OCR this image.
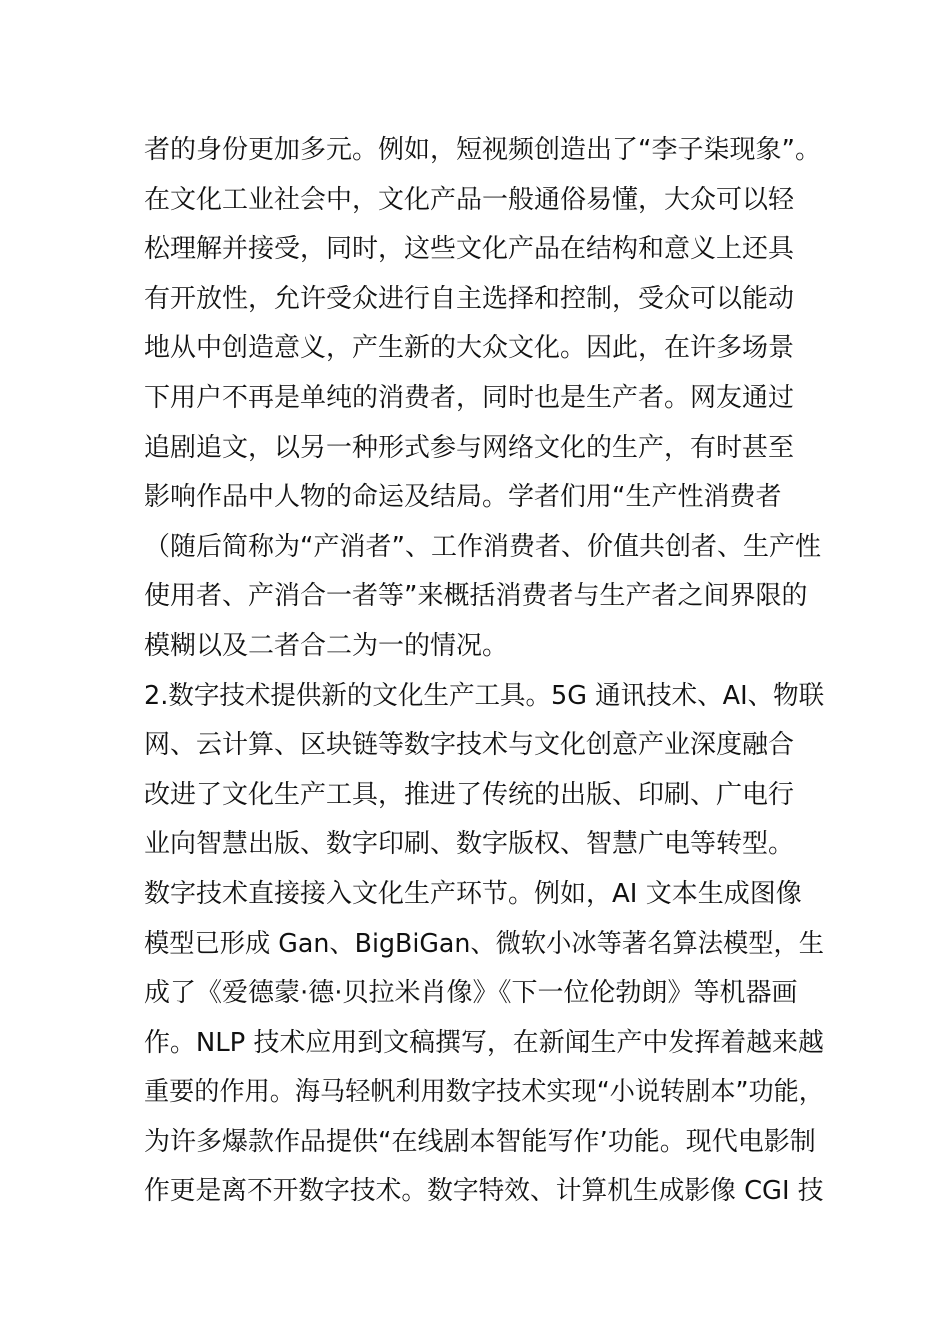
者的身份更加多元。例如，短视频创造出了“李子柒现象”。
在文化工业社会中，文化产品一般通俗易懂，大众可以轻
松理解并接受，同时，这些文化产品在结构和意义上还具
有开放性，允许受众进行自主选择和控制，受众可以能动
地从中创造意义，产生新的大众文化。因此，在许多场景
下用户不再是单纯的消费者，同时也是生产者。网友通过
追剧追文，以另一种形式参与网络文化的生产，有时甚至
影响作品中人物的命运及结局。学者们用“生产性消费者
（随后简称为“产消者”、工作消费者、价值共创者、生产性
使用者、产消合一者等”来概括消费者与生产者之间界限的
模糊以及二者合二为一的情况。
2.数字技术提供新的文化生产工具。5G 通讯技术、AI、物联
网、云计算、区块链等数字技术与文化创意产业深度融合
改进了文化生产工具，推进了传统的出版、印刷、广电行
业向智慧出版、数字印刷、数字版权、智慧广电等转型。
数字技术直接接入文化生产环节。例如，AI 文本生成图像
模型已形成 Gan、BigBiGan、微软小冰等著名算法模型，生
成了《爱德蒙·德·贝拉米肖像》《下一位伦勃朗》等机器画
作。NLP 技术应用到文稿撰写，在新闻生产中发挥着越来越
重要的作用。海马轻帆利用数字技术实现“小说转剧本”功能，
为许多爆款作品提供“在线剧本智能写作’功能。现代电影制
作更是离不开数字技术。数字特效、计算机生成影像 CGI 技
